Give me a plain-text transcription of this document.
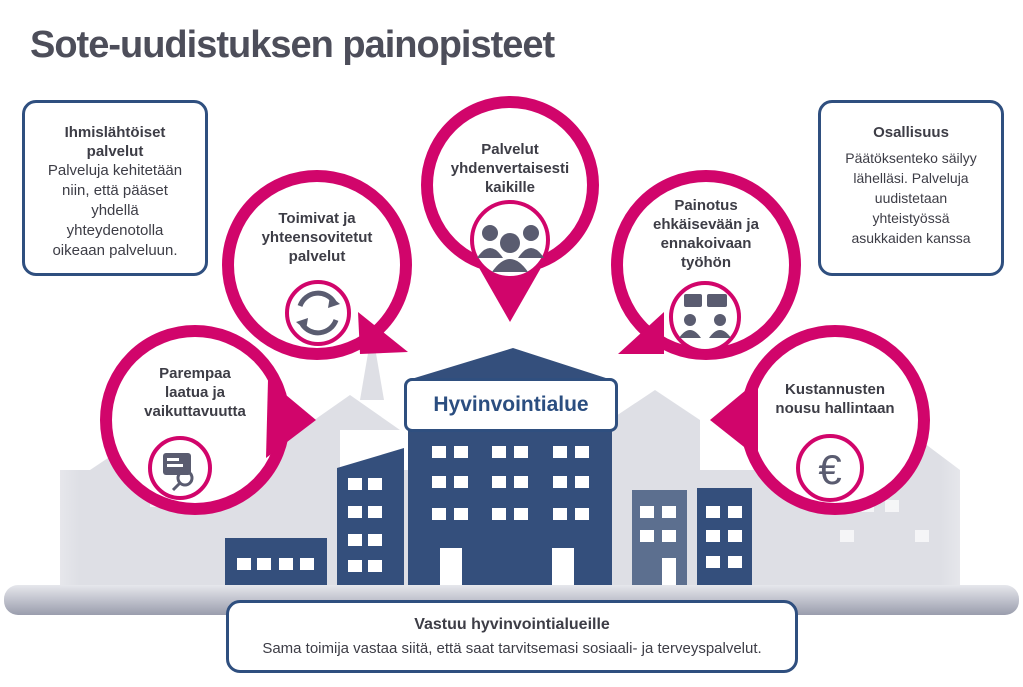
€
Sote-uudistuksen painopisteet
Ihmislähtöiset
palvelut
Palveluja kehitetään
niin, että pääset
yhdellä
yhteydenotolla
oikeaan palveluun.
Osallisuus
Päätöksenteko säilyy
lähelläsi. Palveluja
uudistetaan
yhteistyössä
asukkaiden kanssa
Vastuu hyvinvointialueille
Sama toimija vastaa siitä, että saat tarvitsemasi sosiaali- ja terveyspalvelut.
Parempaa
laatua ja
vaikuttavuutta
Toimivat ja
yhteensovitetut
palvelut
Palvelut
yhdenvertaisesti
kaikille
Painotus
ehkäisevään ja
ennakoivaan
työhön
Kustannusten
nousu hallintaan
Hyvinvointialue
